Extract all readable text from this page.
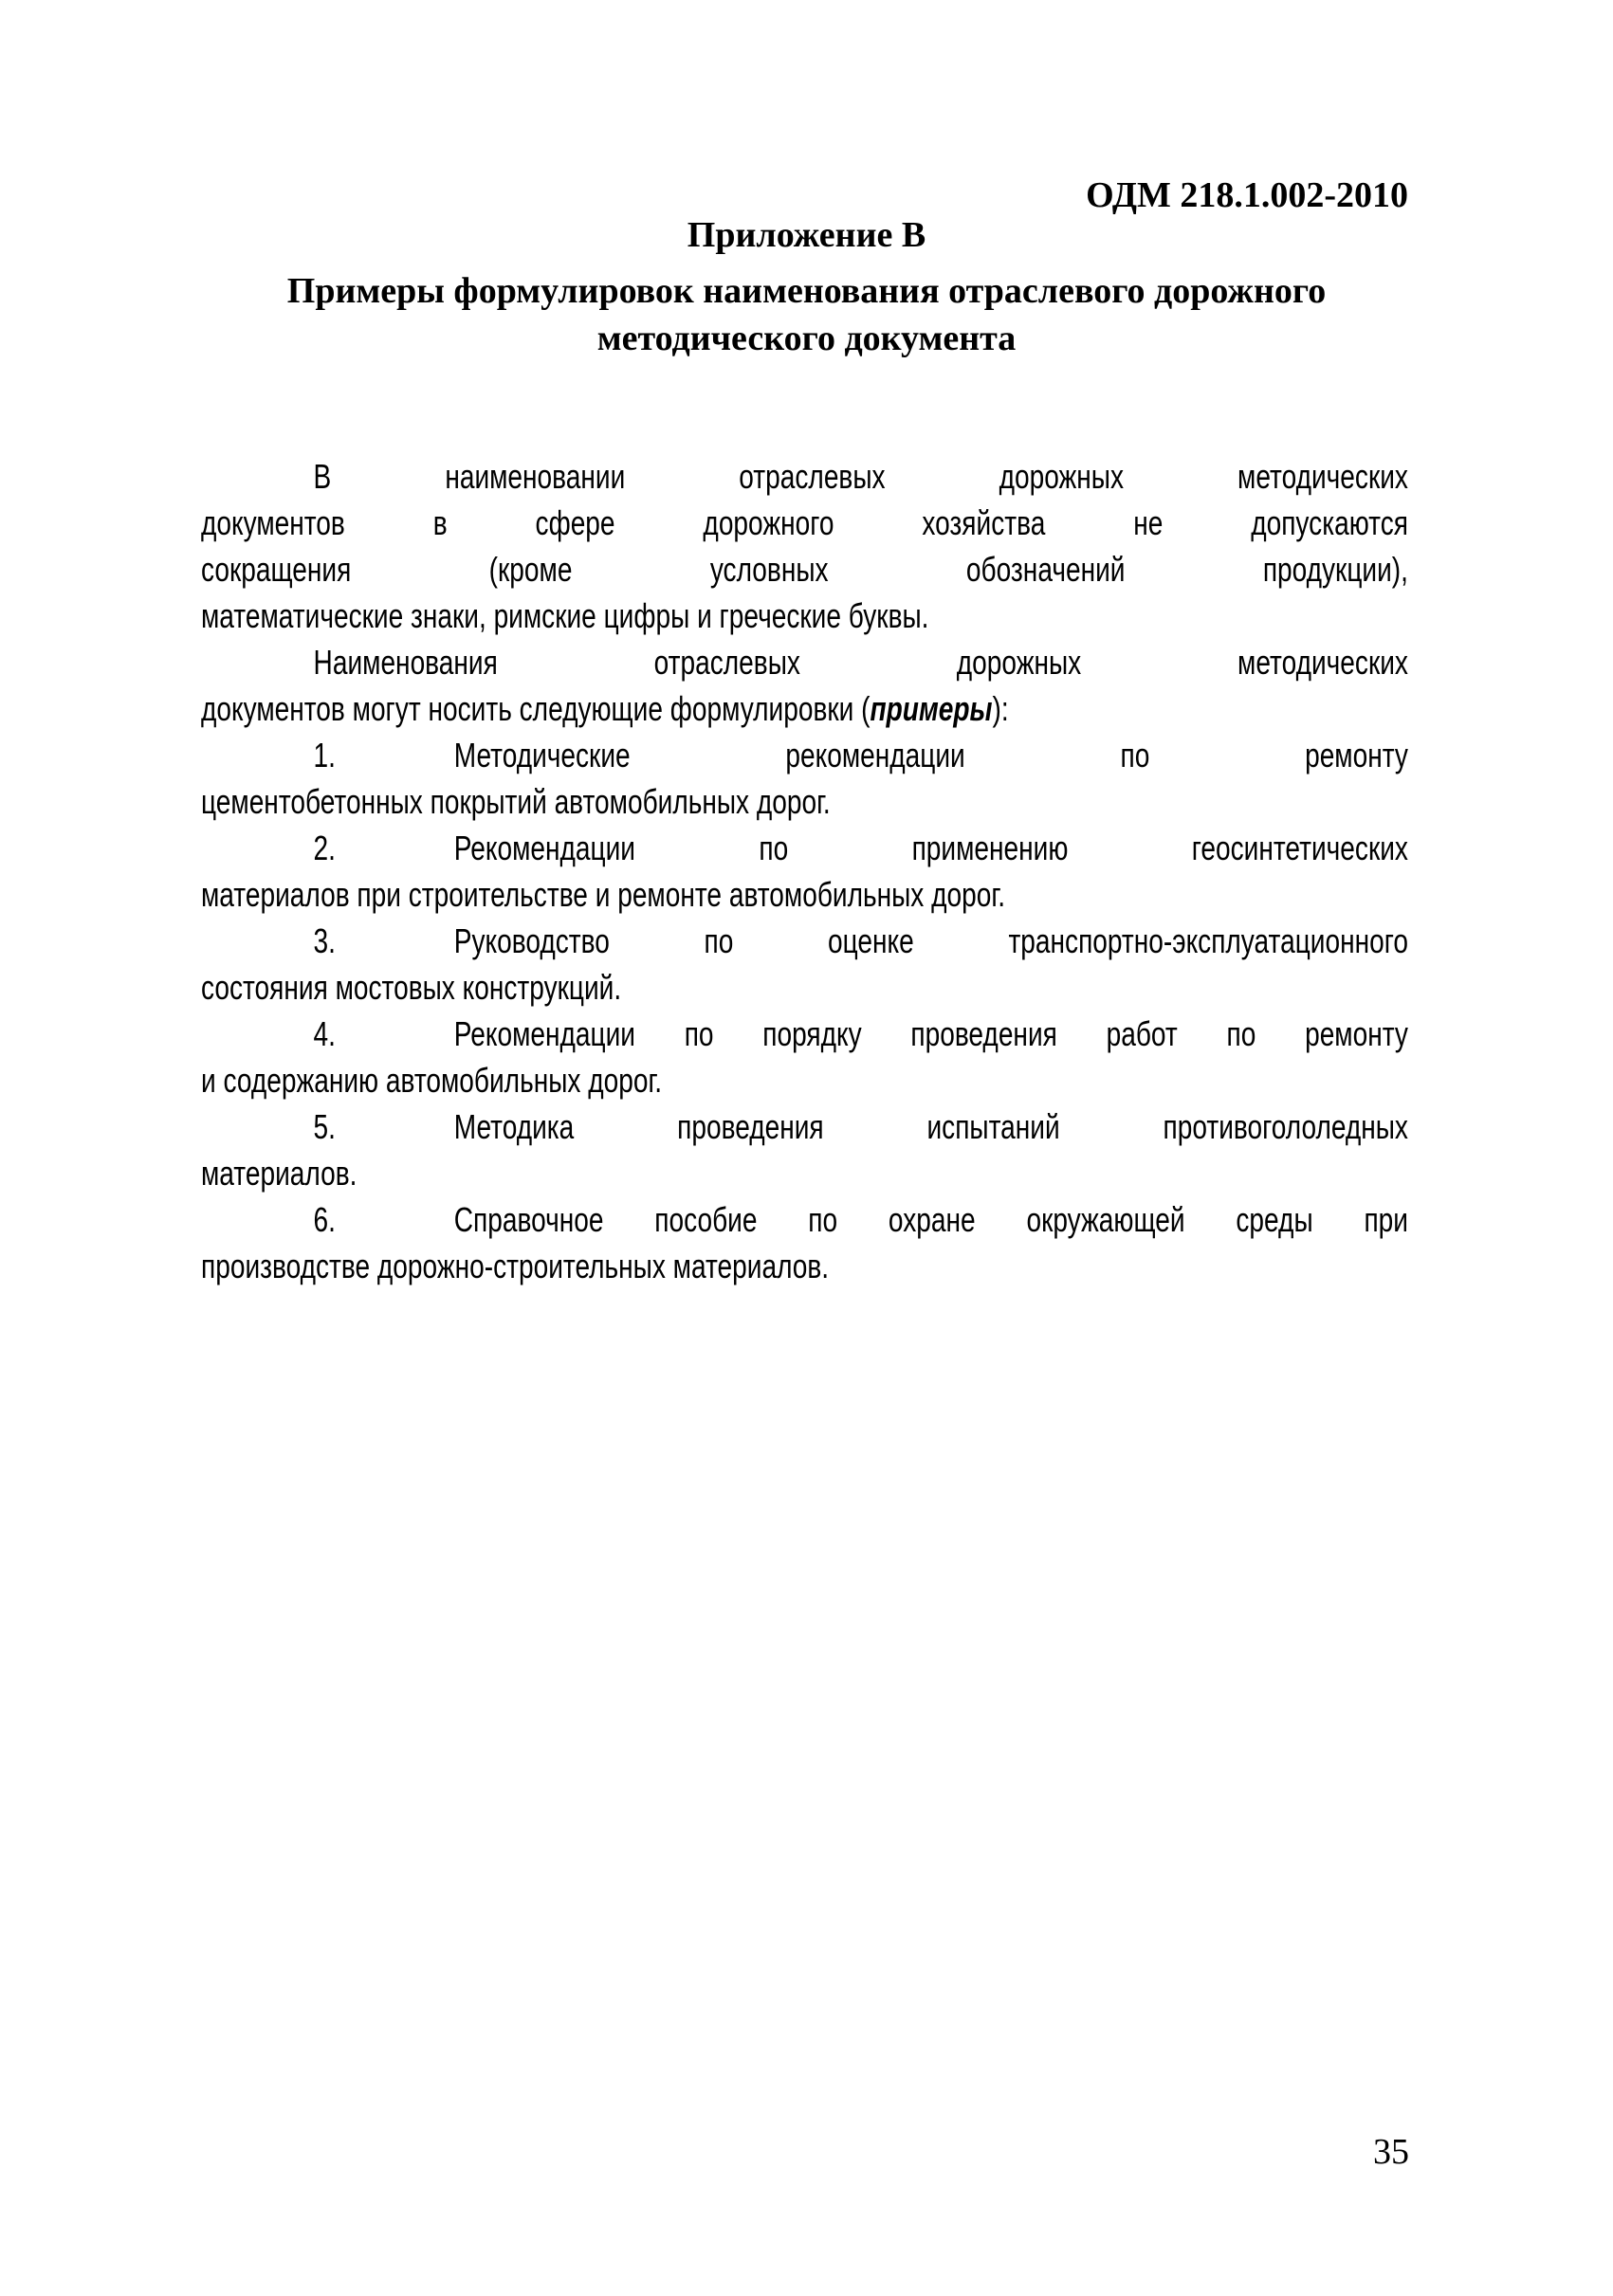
ОДМ 218.1.002-2010
Приложение В
Примеры формулировок наименования отраслевого дорожного
методического документа
В наименовании отраслевых дорожных методических
документов в сфере дорожного хозяйства не допускаются
сокращения (кроме условных обозначений продукции),
математические знаки, римские цифры и греческие буквы.
Наименования отраслевых дорожных методических
документов могут носить следующие формулировки (примеры):
1.	Методические рекомендации по ремонту
цементобетонных покрытий автомобильных дорог.
2.	Рекомендации по применению геосинтетических
материалов при строительстве и ремонте автомобильных дорог.
3.	Руководство по оценке транспортно-эксплуатационного
состояния мостовых конструкций.
4.	Рекомендации по порядку проведения работ по ремонту
и содержанию автомобильных дорог.
5.	Методика проведения испытаний противогололедных
материалов.
6.	Справочное пособие по охране окружающей среды при
производстве дорожно-строительных материалов.
35
